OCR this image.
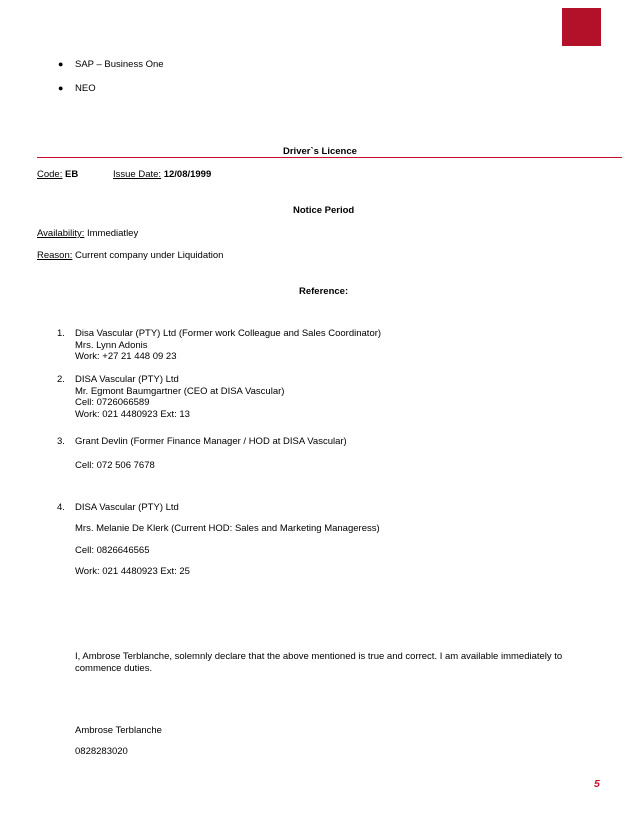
● SAP – Business One
● NEO
Driver`s Licence
Code: EB	Issue Date: 12/08/1999
Notice Period
Availability: Immediatley
Reason: Current company under Liquidation
Reference:
1. Disa Vascular (PTY) Ltd (Former work Colleague and Sales Coordinator)
Mrs. Lynn Adonis
Work: +27 21 448 09 23
2. DISA Vascular (PTY) Ltd
Mr. Egmont Baumgartner (CEO at DISA Vascular)
Cell: 0726066589
Work: 021 4480923 Ext: 13
3. Grant Devlin (Former Finance Manager / HOD at DISA Vascular)
Cell: 072 506 7678
4. DISA Vascular (PTY) Ltd
Mrs. Melanie De Klerk (Current HOD: Sales and Marketing Manageress)
Cell: 0826646565
Work: 021 4480923 Ext: 25
I, Ambrose Terblanche, solemnly declare that the above mentioned is true and correct. I am available immediately to
commence duties.
Ambrose Terblanche
0828283020
5
